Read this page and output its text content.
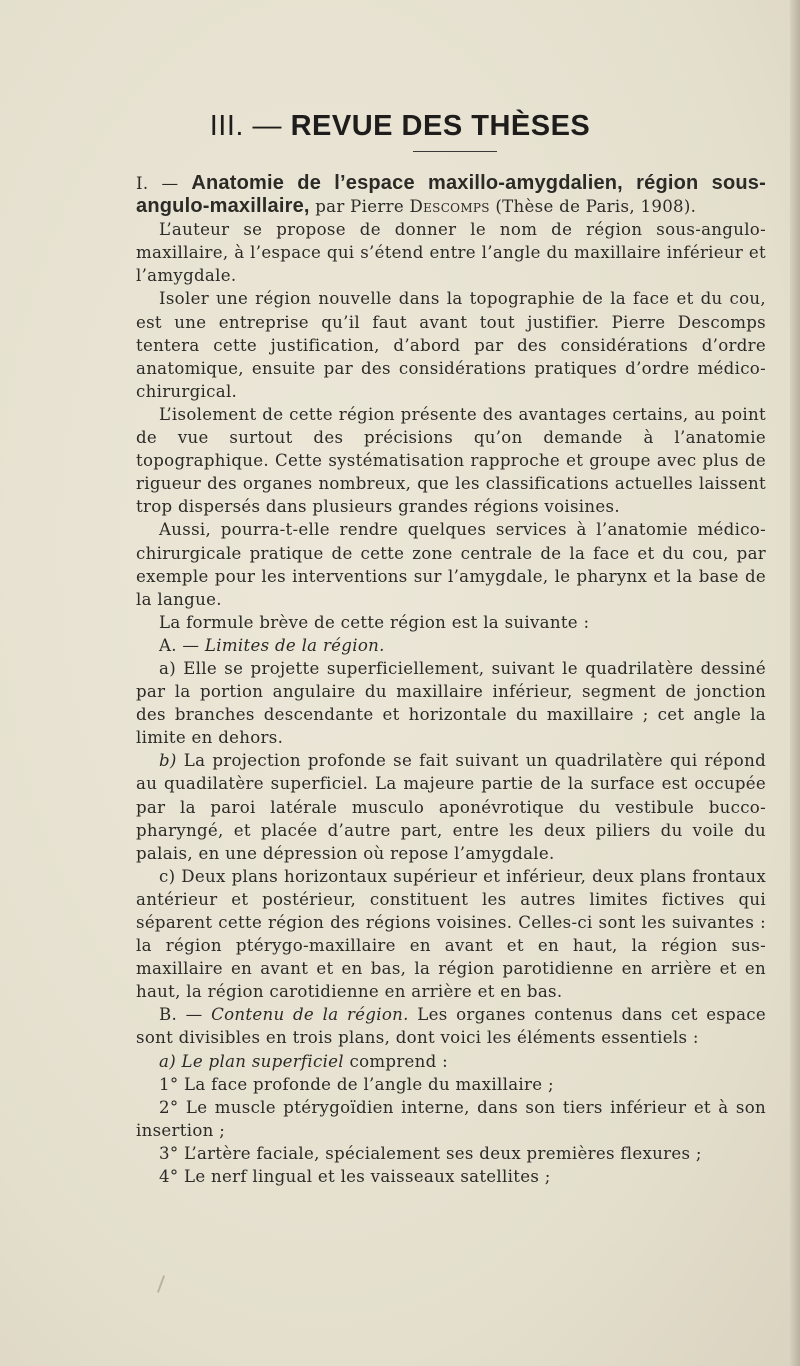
III. — REVUE DES THÈSES

I. — Anatomie de l’espace maxillo-amygdalien, région sous-angulo-maxillaire, par Pierre Descomps (Thèse de Paris, 1908).

L’auteur se propose de donner le nom de région sous-angulo-maxillaire, à l’espace qui s’étend entre l’angle du maxillaire inférieur et l’amygdale.

Isoler une région nouvelle dans la topographie de la face et du cou, est une entreprise qu’il faut avant tout justifier. Pierre Descomps tentera cette justification, d’abord par des considérations d’ordre anatomique, ensuite par des considérations pratiques d’ordre médico-chirurgical.

L’isolement de cette région présente des avantages certains, au point de vue surtout des précisions qu’on demande à l’anatomie topographique. Cette systématisation rapproche et groupe avec plus de rigueur des organes nombreux, que les classifications actuelles laissent trop dispersés dans plusieurs grandes régions voisines.

Aussi, pourra-t-elle rendre quelques services à l’anatomie médico-chirurgicale pratique de cette zone centrale de la face et du cou, par exemple pour les interventions sur l’amygdale, le pharynx et la base de la langue.

La formule brève de cette région est la suivante :

A. — Limites de la région.

a) Elle se projette superficiellement, suivant le quadrilatère dessiné par la portion angulaire du maxillaire inférieur, segment de jonction des branches descendante et horizontale du maxillaire ; cet angle la limite en dehors.

b) La projection profonde se fait suivant un quadrilatère qui répond au quadilatère superficiel. La majeure partie de la surface est occupée par la paroi latérale musculo aponévrotique du vestibule bucco-pharyngé, et placée d’autre part, entre les deux piliers du voile du palais, en une dépression où repose l’amygdale.

c) Deux plans horizontaux supérieur et inférieur, deux plans frontaux antérieur et postérieur, constituent les autres limites fictives qui séparent cette région des régions voisines. Celles-ci sont les suivantes : la région ptérygo-maxillaire en avant et en haut, la région sus-maxillaire en avant et en bas, la région parotidienne en arrière et en haut, la région carotidienne en arrière et en bas.

B. — Contenu de la région. Les organes contenus dans cet espace sont divisibles en trois plans, dont voici les éléments essentiels :

a) Le plan superficiel comprend :

1° La face profonde de l’angle du maxillaire ;

2° Le muscle ptérygoïdien interne, dans son tiers inférieur et à son insertion ;

3° L’artère faciale, spécialement ses deux premières flexures ;

4° Le nerf lingual et les vaisseaux satellites ;
